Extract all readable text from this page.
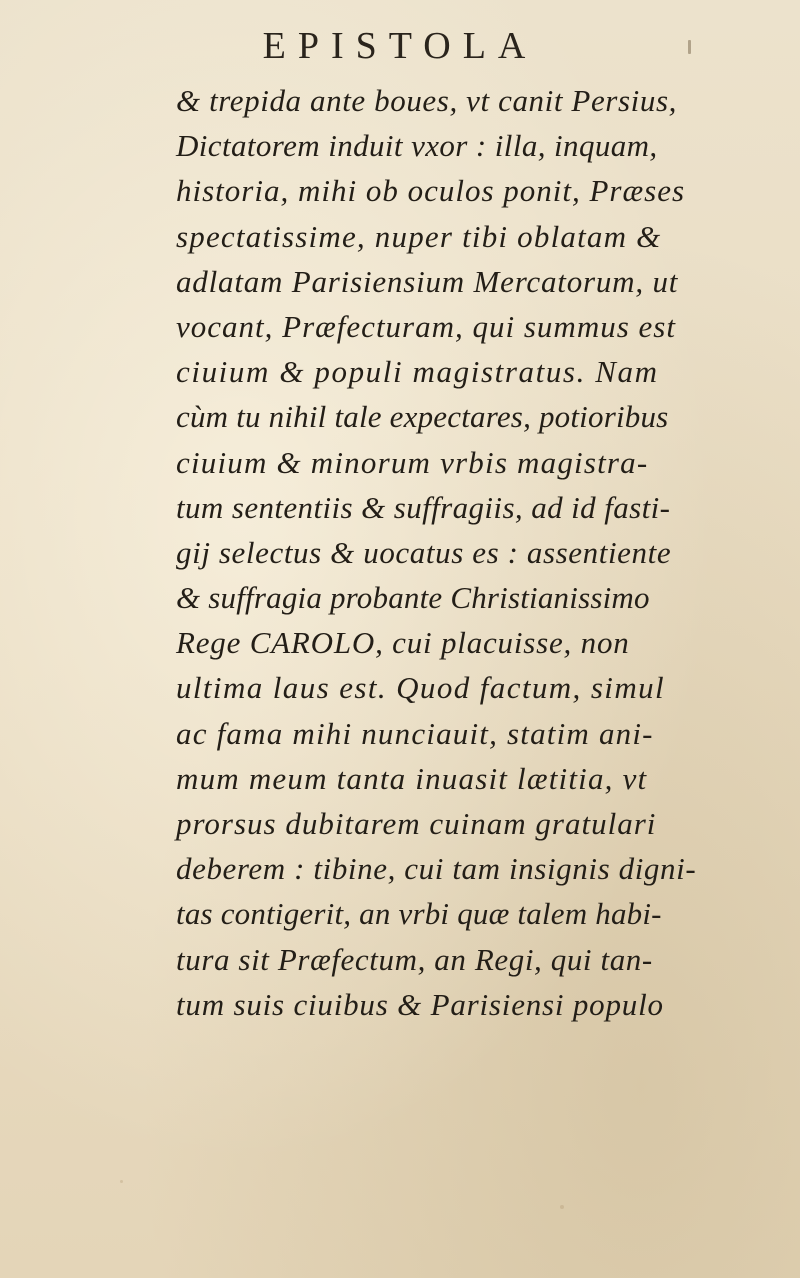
EPISTOLA
& trepida ante boues, vt canit Persius,
Dictatorem induit vxor : illa, inquam,
historia, mihi ob oculos ponit, Præses
spectatissime, nuper tibi oblatam &
adlatam Parisiensium Mercatorum, ut
vocant, Præfecturam, qui summus est
ciuium & populi magistratus. Nam
cùm tu nihil tale expectares, potioribus
ciuium & minorum vrbis magistra-
tum sententiis & suffragiis, ad id fasti-
gij selectus & uocatus es : assentiente
& suffragia probante Christianissimo
Rege CAROLO, cui placuisse, non
ultima laus est. Quod factum, simul
ac fama mihi nunciauit, statim ani-
mum meum tanta inuasit lætitia, vt
prorsus dubitarem cuinam gratulari
deberem : tibine, cui tam insignis digni-
tas contigerit, an vrbi quæ talem habi-
tura sit Præfectum, an Regi, qui tan-
tum suis ciuibus & Parisiensi populo
